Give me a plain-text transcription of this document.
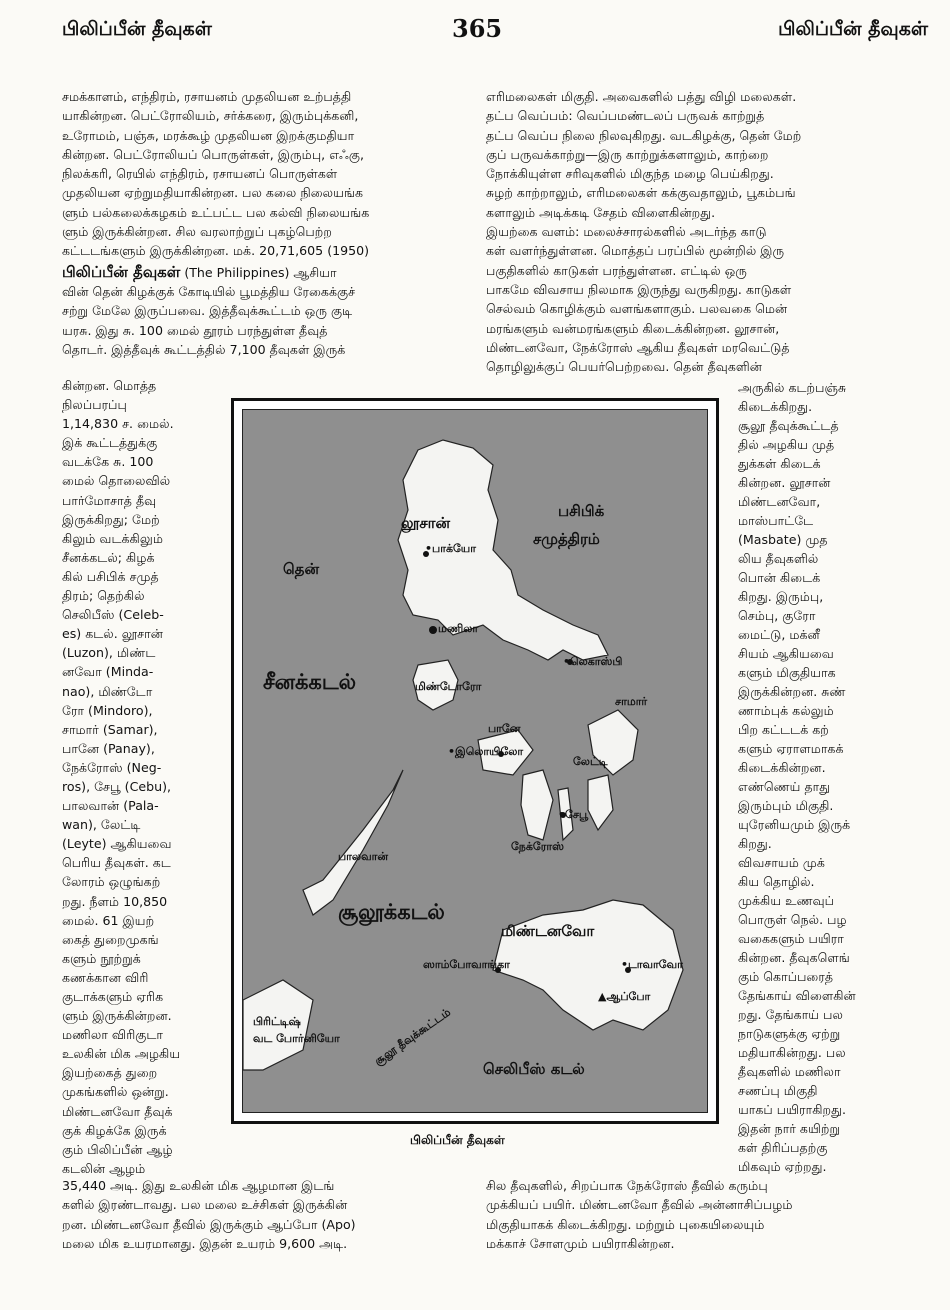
பிலிப்பீன் தீவுகள்	365	பிலிப்பீன் தீவுகள்
சமக்காளம், எந்திரம், ரசாயனம் முதலியன உற்பத்தி
யாகின்றன. பெட்ரோலியம், சர்க்கரை, இரும்புக்கனி,
உரோமம், பஞ்சு, மரக்கூழ் முதலியன இறக்குமதியா
கின்றன. பெட்ரோலியப் பொருள்கள், இரும்பு, எஃகு,
நிலக்கரி, ரெயில் எந்திரம், ரசாயனப் பொருள்கள்
முதலியன ஏற்றுமதியாகின்றன. பல கலை நிலையங்க
ளும் பல்கலைக்கழகம் உட்பட்ட பல கல்வி நிலையங்க
ளும் இருக்கின்றன. சில வரலாற்றுப் புகழ்பெற்ற
கட்டடங்களும் இருக்கின்றன. மக். 20,71,605 (1950)

பிலிப்பீன் தீவுகள் (The Philippines) ஆசியா

வின் தென் கிழக்குக் கோடியில் பூமத்திய ரேகைக்குச்
சற்று மேலே இருப்பவை. இத்தீவுக்கூட்டம் ஒரு குடி
யரசு. இது சு. 100 மைல் தூரம் பரந்துள்ள தீவுத்
தொடர். இத்தீவுக் கூட்டத்தில் 7,100 தீவுகள் இருக்
கின்றன. மொத்த
நிலப்பரப்பு
1,14,830 ச. மைல்.
இக் கூட்டத்துக்கு
வடக்கே சு. 100
மைல் தொலைவில்
பார்மோசாத் தீவு
இருக்கிறது; மேற்
கிலும் வடக்கிலும்
சீனக்கடல்; கிழக்
கில் பசிபிக் சமுத்
திரம்; தெற்கில்
செலிபீஸ் (Celeb-
es) கடல். லூசான்
(Luzon), மிண்ட
னவோ (Minda-
nao), மிண்டோ
ரோ (Mindoro),
சாமார் (Samar),
பானே (Panay),
நேக்ரோஸ் (Neg-
ros), சேபூ (Cebu),
பாலவான் (Pala-
wan), லேட்டி
(Leyte) ஆகியவை
பெரிய தீவுகள். கட
லோரம் ஒழுங்கற்
றது. நீளம் 10,850
மைல். 61 இயற்
கைத் துறைமுகங்
களும் நூற்றுக்
கணக்கான விரி
குடாக்களும் ஏரிக
ளும் இருக்கின்றன.
மணிலா விரிகுடா
உலகின் மிக அழகிய
இயற்கைத் துறை
முகங்களில் ஒன்று.
மிண்டனவோ தீவுக்
குக் கிழக்கே இருக்
கும் பிலிப்பீன் ஆழ்
கடலின் ஆழம்
35,440 அடி. இது உலகின் மிக ஆழமான இடங்
களில் இரண்டாவது. பல மலை உச்சிகள் இருக்கின்
றன. மிண்டனவோ தீவில் இருக்கும் ஆப்போ (Apo)
மலை மிக உயரமானது. இதன் உயரம் 9,600 அடி.
எரிமலைகள் மிகுதி. அவைகளில் பத்து விழி மலைகள்.
தட்ப வெப்பம்: வெப்பமண்டலப் பருவக் காற்றுத்
தட்ப வெப்ப நிலை நிலவுகிறது. வடகிழக்கு, தென் மேற்
குப் பருவக்காற்று—இரு காற்றுக்களாலும், காற்றை
நோக்கியுள்ள சரிவுகளில் மிகுந்த மழை பெய்கிறது.
சுழற் காற்றாலும், எரிமலைகள் கக்குவதாலும், பூகம்பங்
களாலும் அடிக்கடி சேதம் விளைகின்றது.
இயற்கை வளம்: மலைச்சாரல்களில் அடர்ந்த காடு
கள் வளர்ந்துள்ளன. மொத்தப் பரப்பில் மூன்றில் இரு
பகுதிகளில் காடுகள் பரந்துள்ளன. எட்டில் ஒரு
பாகமே விவசாய நிலமாக இருந்து வருகிறது. காடுகள்
செல்வம் கொழிக்கும் வளங்களாகும். பலவகை மென்
மரங்களும் வன்மரங்களும் கிடைக்கின்றன. லூசான்,
மிண்டனவோ, நேக்ரோஸ் ஆகிய தீவுகள் மரவெட்டுத்
தொழிலுக்குப் பெயர்பெற்றவை. தென் தீவுகளின்
அருகில் கடற்பஞ்சு
கிடைக்கிறது.
சூலூ தீவுக்கூட்டத்
தில் அழகிய முத்
துக்கள் கிடைக்
கின்றன. லூசான்
மிண்டனவோ,
மாஸ்பாட்டே
(Masbate) முத
லிய தீவுகளில்
பொன் கிடைக்
கிறது. இரும்பு,
செம்பு, குரோ
மைட்டு, மக்னீ
சியம் ஆகியவை
களும் மிகுதியாக
இருக்கின்றன. சுண்
ணாம்புக் கல்லும்
பிற கட்டடக் கற்
களும் ஏராளமாகக்
கிடைக்கின்றன.
எண்ணெய் தாது
இரும்பும் மிகுதி.
யுரேனியமும் இருக்
கிறது.
விவசாயம் முக்
கிய தொழில்.
முக்கிய உணவுப்
பொருள் நெல். பழ
வகைகளும் பயிரா
கின்றன. தீவுகளெங்
கும் கொப்பரைத்
தேங்காய் விளைகின்
றது. தேங்காய் பல
நாடுகளுக்கு ஏற்று
மதியாகின்றது. பல
தீவுகளில் மணிலா
சணப்பு மிகுதி
யாகப் பயிராகிறது.
இதன் நார் கயிற்று
கள் திரிப்பதற்கு
மிகவும் ஏற்றது.
சில தீவுகளில், சிறப்பாக நேக்ரோஸ் தீவில் கரும்பு
முக்கியப் பயிர். மிண்டனவோ தீவில் அன்னாசிப்பழம்
மிகுதியாகக் கிடைக்கிறது. மற்றும் புகையிலையும்
மக்காச் சோளமும் பயிராகின்றன.
பசிபிக்
சமுத்திரம்
லூசான்
•பாக்யோ
தென்
சீனக்கடல்
மணிலா
மிண்டோரோ
•லெகாஸ்பி
சாமார்
பானே
லேட்டி
•இலொயிலோ
•சேபூ
நேக்ரோஸ்
பாலவான்
சூலூக்கடல்
மிண்டனவோ
•டாவாவோ
▲ஆப்போ
ஸாம்போவாங்கா
பிரிட்டிஷ்
வட போர்னியோ	சூலூ தீவுக்கூட்டம்
செலிபீஸ் கடல்
பிலிப்பீன் தீவுகள்
